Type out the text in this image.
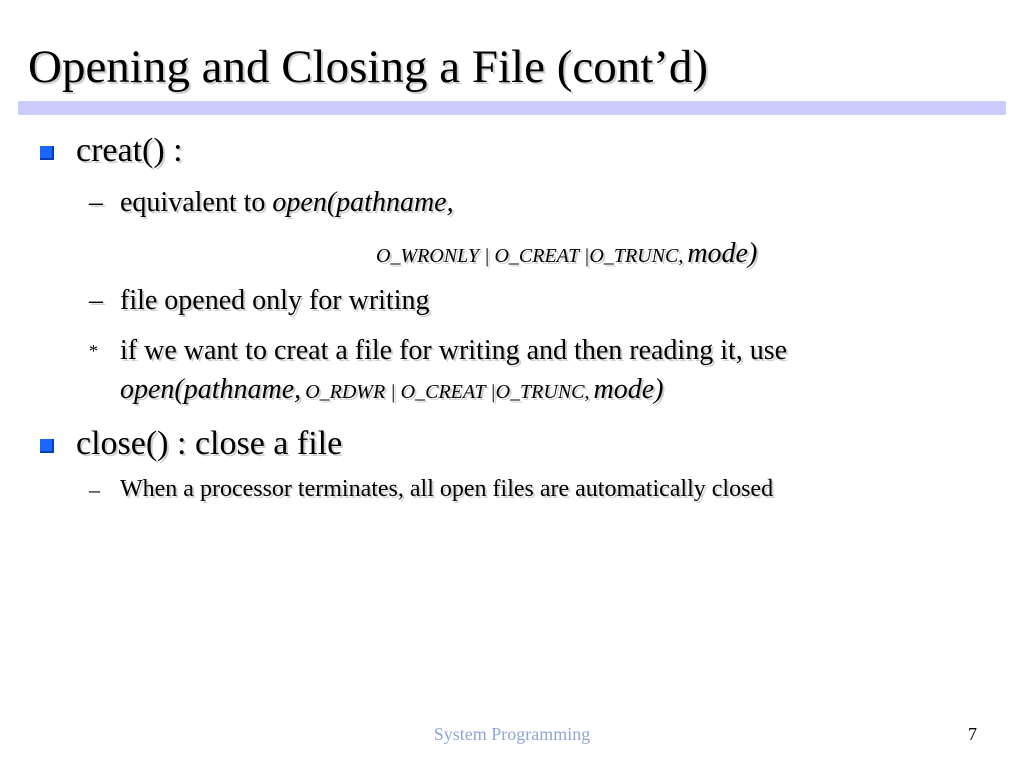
Opening and Closing a File (cont’d)
creat() :
– equivalent to open(pathname,
O_WRONLY | O_CREAT |O_TRUNC, mode)
– file opened only for writing
* if we want to creat a file for writing and then reading it, use
open(pathname, O_RDWR | O_CREAT |O_TRUNC, mode)
close() : close a file
– When a processor terminates, all open files are automatically closed
System Programming	7
